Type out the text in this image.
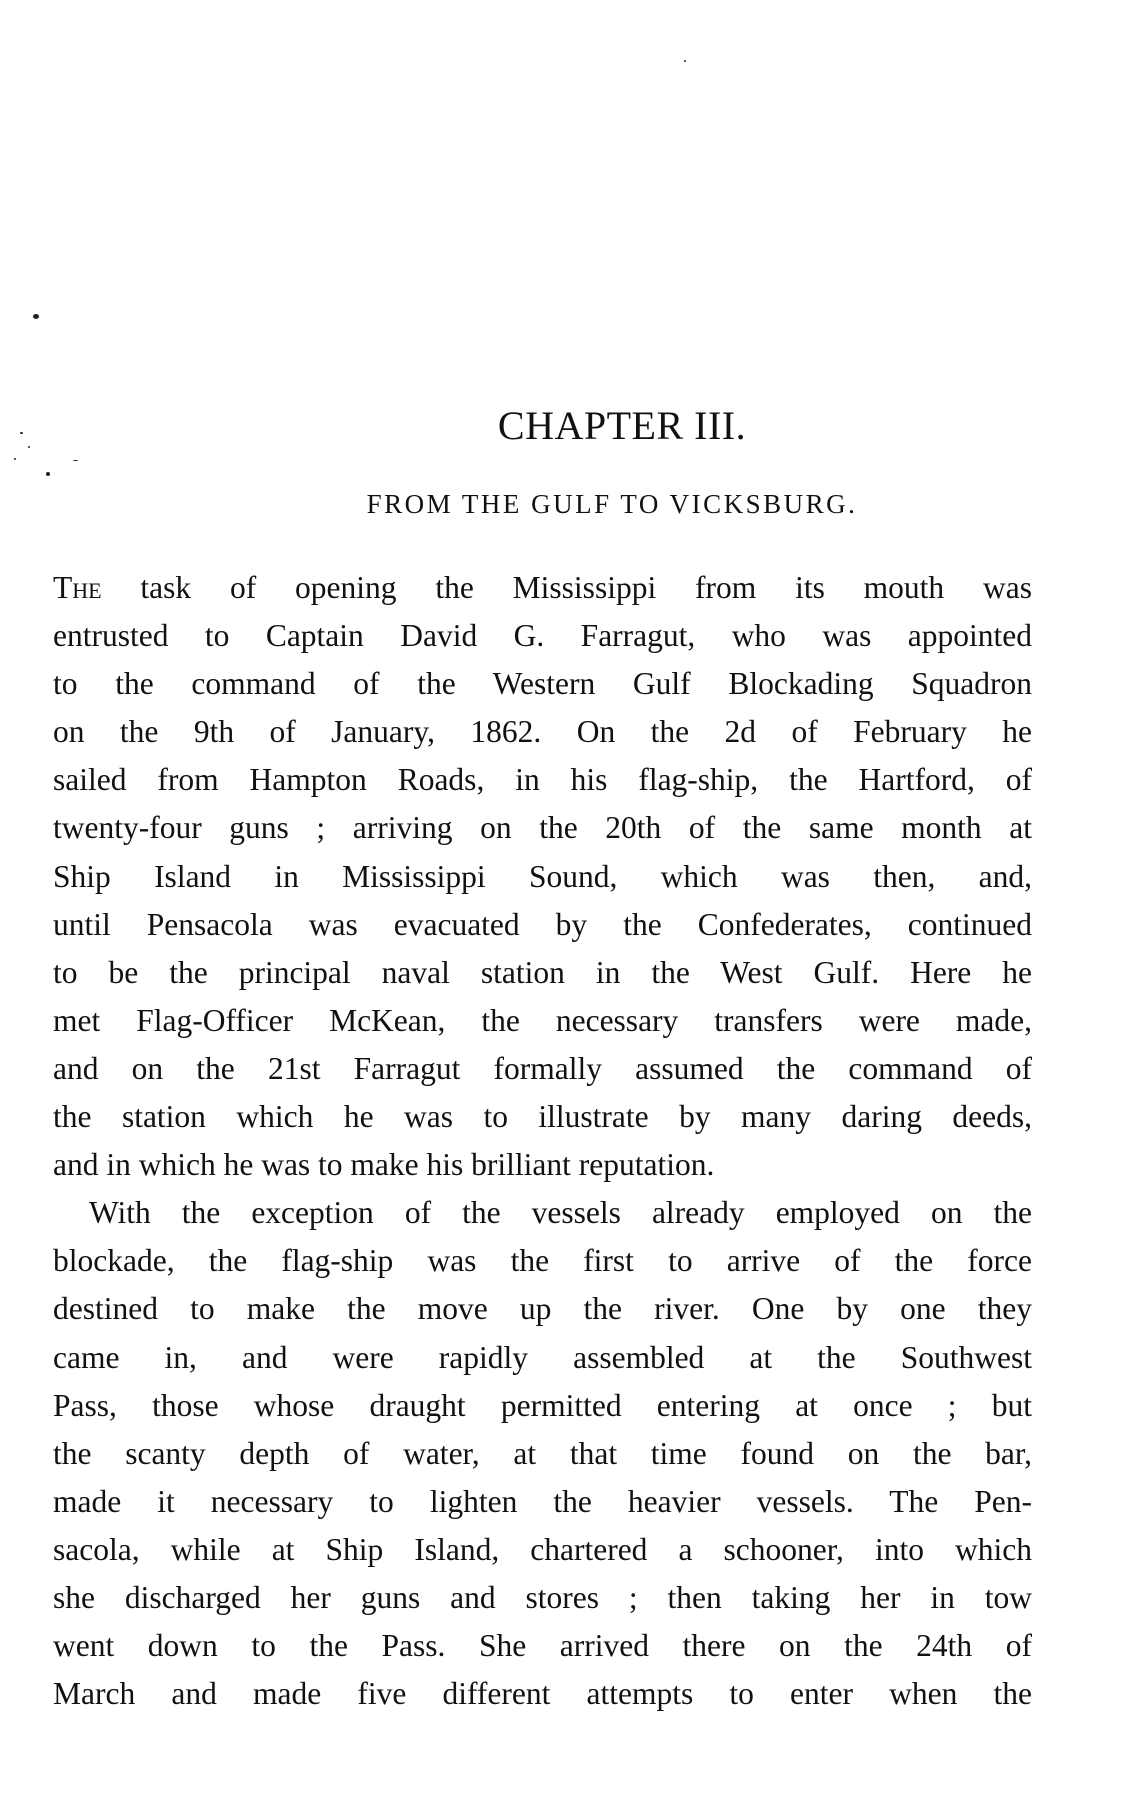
CHAPTER III.
FROM THE GULF TO VICKSBURG.

The task of opening the Mississippi from its mouth was
entrusted to Captain David G. Farragut, who was appointed
to the command of the Western Gulf Blockading Squadron
on the 9th of January, 1862. On the 2d of February he
sailed from Hampton Roads, in his flag-ship, the Hartford, of
twenty-four guns ; arriving on the 20th of the same month at
Ship Island in Mississippi Sound, which was then, and,
until Pensacola was evacuated by the Confederates, continued
to be the principal naval station in the West Gulf. Here he
met Flag-Officer McKean, the necessary transfers were made,
and on the 21st Farragut formally assumed the command of
the station which he was to illustrate by many daring deeds,
and in which he was to make his brilliant reputation.

With the exception of the vessels already employed on the
blockade, the flag-ship was the first to arrive of the force
destined to make the move up the river. One by one they
came in, and were rapidly assembled at the Southwest
Pass, those whose draught permitted entering at once ; but
the scanty depth of water, at that time found on the bar,
made it necessary to lighten the heavier vessels. The Pen-
sacola, while at Ship Island, chartered a schooner, into which
she discharged her guns and stores ; then taking her in tow
went down to the Pass. She arrived there on the 24th of
March and made five different attempts to enter when the
